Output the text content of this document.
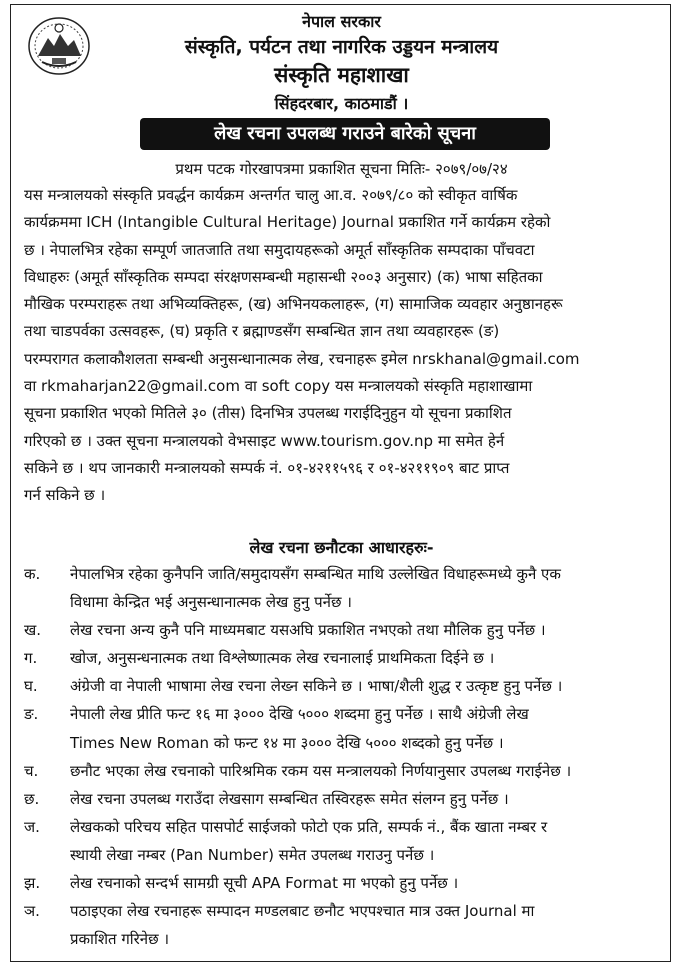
नेपाल सरकार
संस्कृति, पर्यटन तथा नागरिक उड्डयन मन्त्रालय
संस्कृति महाशाखा
सिंहदरबार, काठमाडौं ।
लेख रचना उपलब्ध गराउने बारेको सूचना
प्रथम पटक गोरखापत्रमा प्रकाशित सूचना मितिः- २०७९/०७/२४
यस मन्त्रालयको संस्कृति प्रवर्द्धन कार्यक्रम अन्तर्गत चालु आ.व. २०७९/८० को स्वीकृत वार्षिक
कार्यक्रममा ICH (Intangible Cultural Heritage) Journal प्रकाशित गर्ने कार्यक्रम रहेको
छ । नेपालभित्र रहेका सम्पूर्ण जातजाति तथा समुदायहरूको अमूर्त साँस्कृतिक सम्पदाका पाँचवटा
विधाहरुः (अमूर्त साँस्कृतिक सम्पदा संरक्षणसम्बन्धी महासन्धी २००३ अनुसार) (क) भाषा सहितका
मौखिक परम्पराहरू तथा अभिव्यक्तिहरू, (ख) अभिनयकलाहरू, (ग) सामाजिक व्यवहार अनुष्ठानहरू
तथा चाडपर्वका उत्सवहरू, (घ) प्रकृति र ब्रह्माण्डसँग सम्बन्धित ज्ञान तथा व्यवहारहरू (ङ)
परम्परागत कलाकौशलता सम्बन्धी अनुसन्धानात्मक लेख, रचनाहरू इमेल nrskhanal@gmail.com
वा rkmaharjan22@gmail.com वा soft copy यस मन्त्रालयको संस्कृति महाशाखामा
सूचना प्रकाशित भएको मितिले ३० (तीस) दिनभित्र उपलब्ध गराईदिनुहुन यो सूचना प्रकाशित
गरिएको छ । उक्त सूचना मन्त्रालयको वेभसाइट www.tourism.gov.np मा समेत हेर्न
सकिने छ । थप जानकारी मन्त्रालयको सम्पर्क नं. ०१-४२११५९६ र ०१-४२११९०९ बाट प्राप्त
गर्न सकिने छ ।
लेख रचना छनौटका आधारहरुः-
क.	नेपालभित्र रहेका कुनैपनि जाति/समुदायसँग सम्बन्धित माथि उल्लेखित विधाहरूमध्ये कुनै एक
विधामा केन्द्रित भई अनुसन्धानात्मक लेख हुनु पर्नेछ ।
ख.	लेख रचना अन्य कुनै पनि माध्यमबाट यसअघि प्रकाशित नभएको तथा मौलिक हुनु पर्नेछ ।
ग.	खोज, अनुसन्धनात्मक तथा विश्लेष्णात्मक लेख रचनालाई प्राथमिकता दिईने छ ।
घ.	अंग्रेजी वा नेपाली भाषामा लेख रचना लेख्न सकिने छ । भाषा/शैली शुद्ध र उत्कृष्ट हुनु पर्नेछ ।
ङ.	नेपाली लेख प्रीति फन्ट १६ मा ३००० देखि ५००० शब्दमा हुनु पर्नेछ । साथै अंग्रेजी लेख
Times New Roman को फन्ट १४ मा ३००० देखि ५००० शब्दको हुनु पर्नेछ ।
च.	छनौट भएका लेख रचनाको पारिश्रमिक रकम यस मन्त्रालयको निर्णयानुसार उपलब्ध गराईनेछ ।
छ.	लेख रचना उपलब्ध गराउँदा लेखसाग सम्बन्धित तस्विरहरू समेत संलग्न हुनु पर्नेछ ।
ज.	लेखकको परिचय सहित पासपोर्ट साईजको फोटो एक प्रति, सम्पर्क नं., बैंक खाता नम्बर र
स्थायी लेखा नम्बर (Pan Number) समेत उपलब्ध गराउनु पर्नेछ ।
झ.	लेख रचनाको सन्दर्भ सामग्री सूची APA Format मा भएको हुनु पर्नेछ ।
ञ.	पठाइएका लेख रचनाहरू सम्पादन मण्डलबाट छनौट भएपश्चात मात्र उक्त Journal मा
प्रकाशित गरिनेछ ।
